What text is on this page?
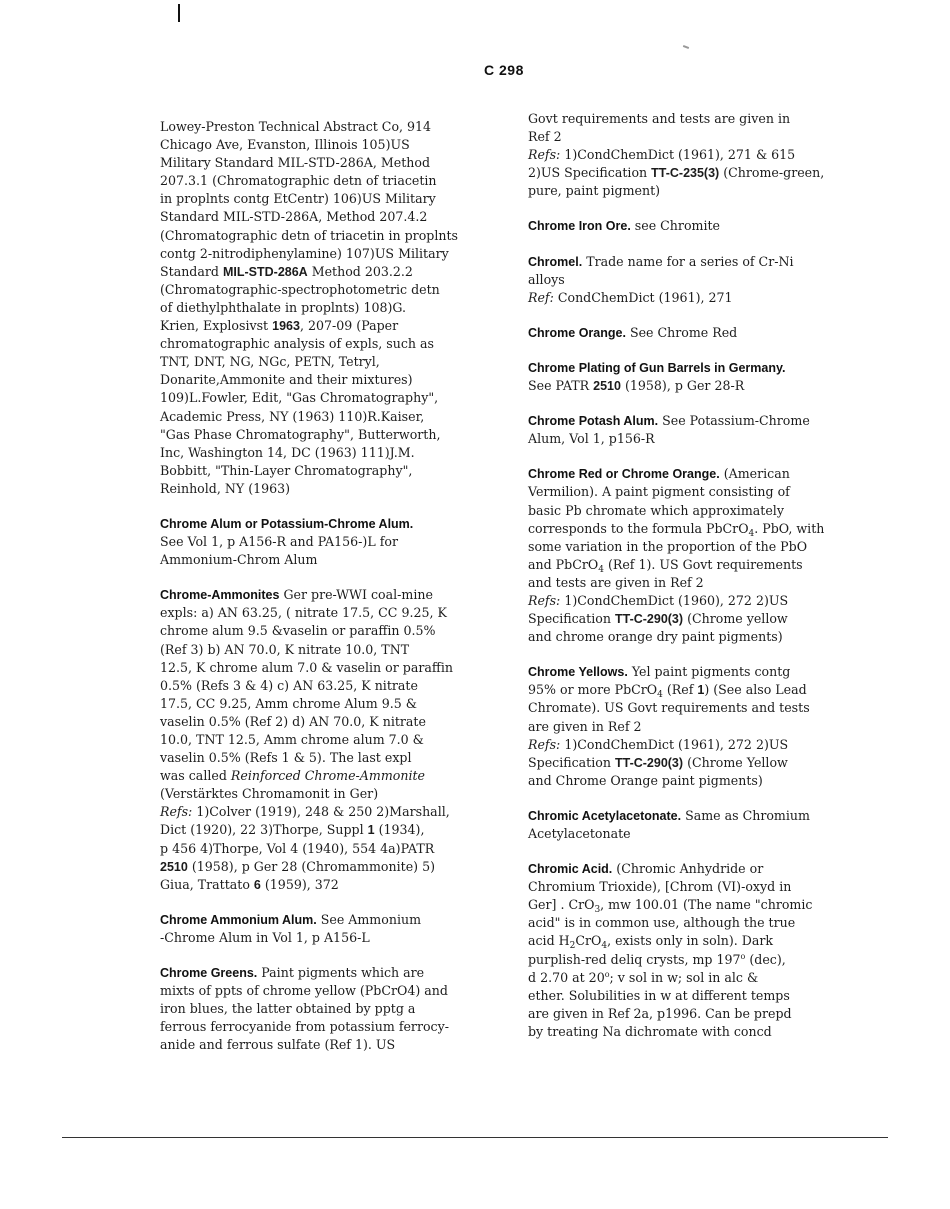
C 298
Lowey-Preston Technical Abstract Co, 914
Chicago Ave, Evanston, Illinois 105)US
Military Standard MIL-STD-286A, Method
207.3.1 (Chromatographic detn of triacetin
in proplnts contg EtCentr) 106)US Military
Standard MIL-STD-286A, Method 207.4.2
(Chromatographic detn of triacetin in proplnts
contg 2-nitrodiphenylamine) 107)US Military
Standard MIL-STD-286A Method 203.2.2
(Chromatographic-spectrophotometric detn
of diethylphthalate in proplnts) 108)G.
Krien, Explosivst 1963, 207-09 (Paper
chromatographic analysis of expls, such as
TNT, DNT, NG, NGc, PETN, Tetryl,
Donarite,Ammonite and their mixtures)
109)L.Fowler, Edit, "Gas Chromatography",
Academic Press, NY (1963) 110)R.Kaiser,
"Gas Phase Chromatography", Butterworth,
Inc, Washington 14, DC (1963) 111)J.M.
Bobbitt, "Thin-Layer Chromatography",
Reinhold, NY (1963)
Chrome Alum or Potassium-Chrome Alum.
See Vol 1, p A156-R and PA156-)L for
Ammonium-Chrom Alum
Chrome-Ammonites Ger pre-WWI coal-mine
expls: a) AN 63.25, ( nitrate 17.5, CC 9.25, K
chrome alum 9.5 &vaselin or paraffin 0.5%
(Ref 3) b) AN 70.0, K nitrate 10.0, TNT
12.5, K chrome alum 7.0 & vaselin or paraffin
0.5% (Refs 3 & 4) c) AN 63.25, K nitrate
17.5, CC 9.25, Amm chrome Alum 9.5 &
vaselin 0.5% (Ref 2) d) AN 70.0, K nitrate
10.0, TNT 12.5, Amm chrome alum 7.0 &
vaselin 0.5% (Refs 1 & 5). The last expl
was called Reinforced Chrome-Ammonite
(Verstärktes Chromamonit in Ger)
Refs: 1)Colver (1919), 248 & 250 2)Marshall,
Dict (1920), 22 3)Thorpe, Suppl 1 (1934),
p 456 4)Thorpe, Vol 4 (1940), 554 4a)PATR
2510 (1958), p Ger 28 (Chromammonite) 5)
Giua, Trattato 6 (1959), 372
Chrome Ammonium Alum. See Ammonium
-Chrome Alum in Vol 1, p A156-L
Chrome Greens. Paint pigments which are
mixts of ppts of chrome yellow (PbCrO4) and
iron blues, the latter obtained by pptg a
ferrous ferrocyanide from potassium ferrocy-
anide and ferrous sulfate (Ref 1). US
Govt requirements and tests are given in
Ref 2
Refs: 1)CondChemDict (1961), 271 & 615
2)US Specification TT-C-235(3) (Chrome-green,
pure, paint pigment)
Chrome Iron Ore. see Chromite
Chromel. Trade name for a series of Cr-Ni
alloys
Ref: CondChemDict (1961), 271
Chrome Orange. See Chrome Red
Chrome Plating of Gun Barrels in Germany.
See PATR 2510 (1958), p Ger 28-R
Chrome Potash Alum. See Potassium-Chrome
Alum, Vol 1, p156-R
Chrome Red or Chrome Orange. (American
Vermilion). A paint pigment consisting of
basic Pb chromate which approximately
corresponds to the formula PbCrO$_4$. PbO, with
some variation in the proportion of the PbO
and PbCrO$_4$ (Ref 1). US Govt requirements
and tests are given in Ref 2
Refs: 1)CondChemDict (1960), 272 2)US
Specification TT-C-290(3) (Chrome yellow
and chrome orange dry paint pigments)
Chrome Yellows. Yel paint pigments contg
95% or more PbCrO$_4$ (Ref 1) (See also Lead
Chromate). US Govt requirements and tests
are given in Ref 2
Refs: 1)CondChemDict (1961), 272 2)US
Specification TT-C-290(3) (Chrome Yellow
and Chrome Orange paint pigments)
Chromic Acetylacetonate. Same as Chromium
Acetylacetonate
Chromic Acid. (Chromic Anhydride or
Chromium Trioxide), [Chrom (VI)-oxyd in
Ger] . CrO$_3$, mw 100.01 (The name "chromic
acid" is in common use, although the true
acid $H_2CrO_4$, exists only in soln). Dark
purplish-red deliq crysts, mp 197$^o$ (dec),
d 2.70 at 20$^o$; v sol in w; sol in alc &
ether. Solubilities in w at different temps
are given in Ref 2a, p1996. Can be prepd
by treating Na dichromate with concd
